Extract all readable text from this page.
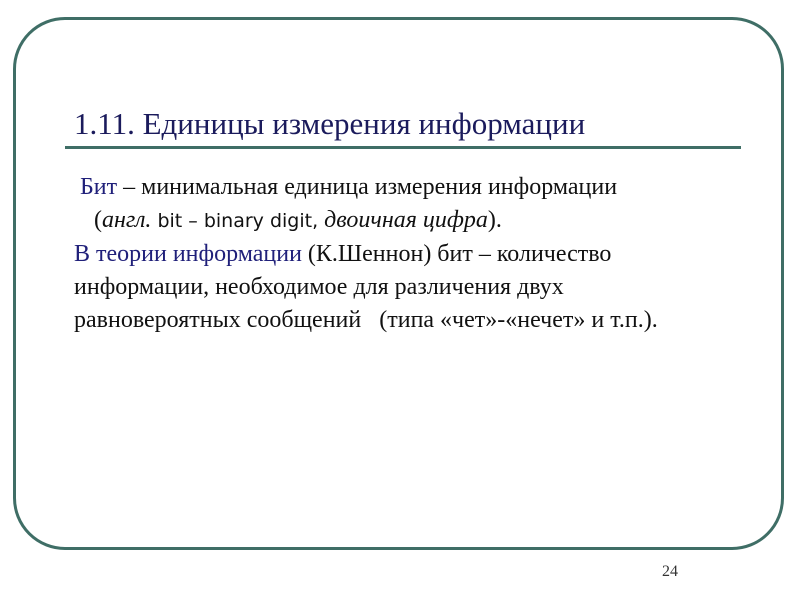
1.11. Единицы измерения информации
Бит – минимальная единица измерения информации
(англ. bit – binary digit, двоичная цифра).
В теории информации (К.Шеннон) бит – количество
информации, необходимое для различения двух
равновероятных сообщений   (типа «чет»-«нечет» и т.п.).
24
